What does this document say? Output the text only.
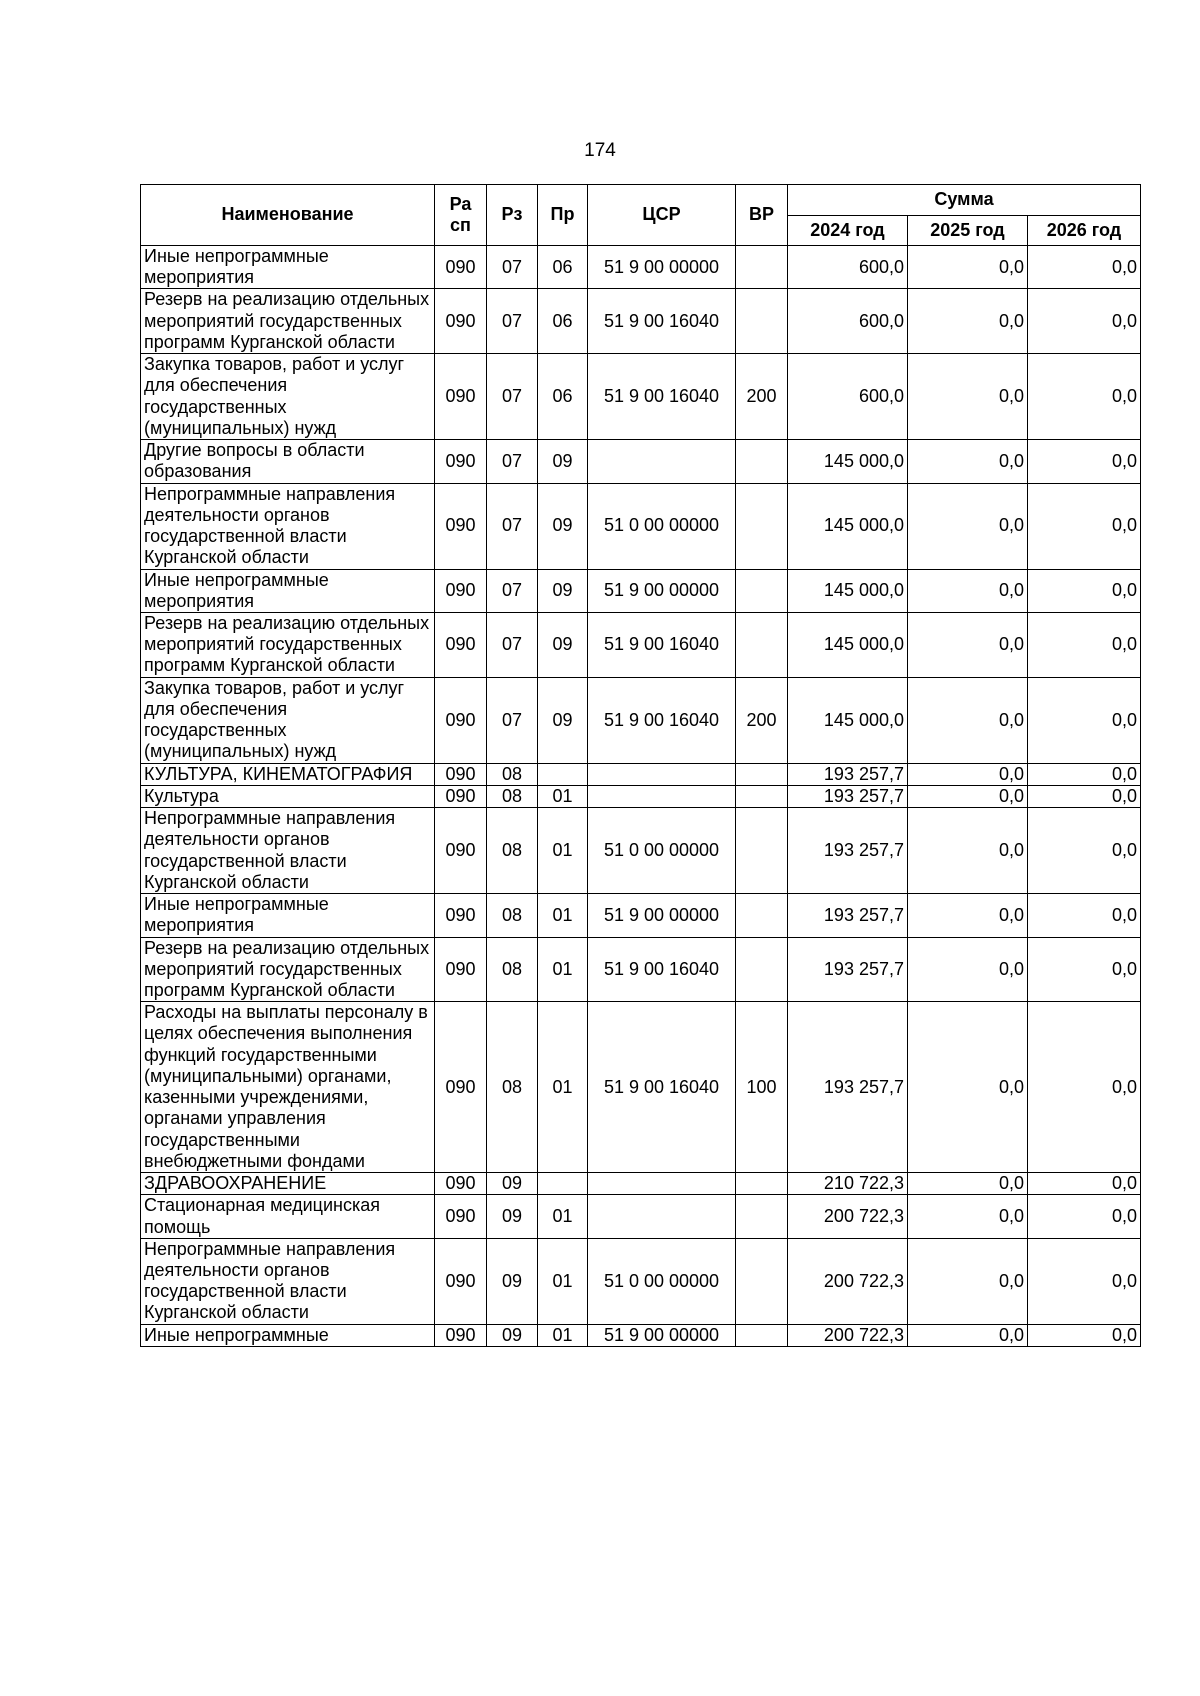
174
Наименование	Ра сп	Рз	Пр	ЦСР	ВР	Сумма		
						2024 год	2025 год	2026 год
Иные непрограммные мероприятия	090	07	06	51 9 00 00000		600,0	0,0	0,0
Резерв на реализацию отдельных мероприятий государственных программ Курганской области	090	07	06	51 9 00 16040		600,0	0,0	0,0
Закупка товаров, работ и услуг для обеспечения государственных (муниципальных) нужд	090	07	06	51 9 00 16040	200	600,0	0,0	0,0
Другие вопросы в области образования	090	07	09			145 000,0	0,0	0,0
Непрограммные направления деятельности органов государственной власти Курганской области	090	07	09	51 0 00 00000		145 000,0	0,0	0,0
Иные непрограммные мероприятия	090	07	09	51 9 00 00000		145 000,0	0,0	0,0
Резерв на реализацию отдельных мероприятий государственных программ Курганской области	090	07	09	51 9 00 16040		145 000,0	0,0	0,0
Закупка товаров, работ и услуг для обеспечения государственных (муниципальных) нужд	090	07	09	51 9 00 16040	200	145 000,0	0,0	0,0
КУЛЬТУРА, КИНЕМАТОГРАФИЯ	090	08				193 257,7	0,0	0,0
Культура	090	08	01			193 257,7	0,0	0,0
Непрограммные направления деятельности органов государственной власти Курганской области	090	08	01	51 0 00 00000		193 257,7	0,0	0,0
Иные непрограммные мероприятия	090	08	01	51 9 00 00000		193 257,7	0,0	0,0
Резерв на реализацию отдельных мероприятий государственных программ Курганской области	090	08	01	51 9 00 16040		193 257,7	0,0	0,0
Расходы на выплаты персоналу в целях обеспечения выполнения функций государственными (муниципальными) органами, казенными учреждениями, органами управления государственными внебюджетными фондами	090	08	01	51 9 00 16040	100	193 257,7	0,0	0,0
ЗДРАВООХРАНЕНИЕ	090	09				210 722,3	0,0	0,0
Стационарная медицинская помощь	090	09	01			200 722,3	0,0	0,0
Непрограммные направления деятельности органов государственной власти Курганской области	090	09	01	51 0 00 00000		200 722,3	0,0	0,0
Иные непрограммные	090	09	01	51 9 00 00000		200 722,3	0,0	0,0
